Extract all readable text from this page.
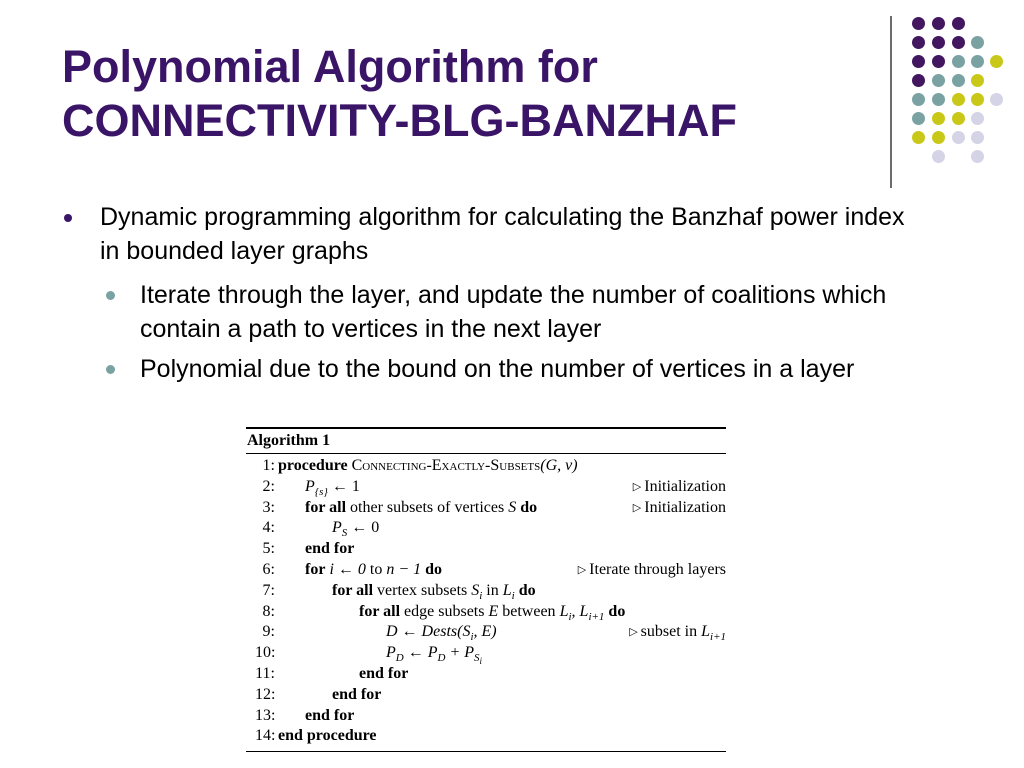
Polynomial Algorithm for
CONNECTIVITY-BLG-BANZHAF
Dynamic programming algorithm for calculating the Banzhaf power index in bounded layer graphs
Iterate through the layer, and update the number of coalitions which contain a path to vertices in the next layer
Polynomial due to the bound on the number of vertices in a layer
Algorithm 1
1: procedure Connecting-Exactly-Subsets(G, v)
2: $P_{\{s\}}$ ← 1	▷ Initialization
3: for all other subsets of vertices S do	▷ Initialization
4:	$P_S$ ← 0
5: end for
6: for i ← 0 to n − 1 do	▷ Iterate through layers
7:	for all vertex subsets $S_i$ in $L_i$ do
8:	for all edge subsets E between $L_i$, $L_{i+1}$ do
9:	D ← $Dests(S_i$, E)	▷ subset in $L_{i+1}$
10:	$P_D$ ← $P_D + P_{S_i}$
11:	end for
12:	end for
13: end for
14: end procedure
